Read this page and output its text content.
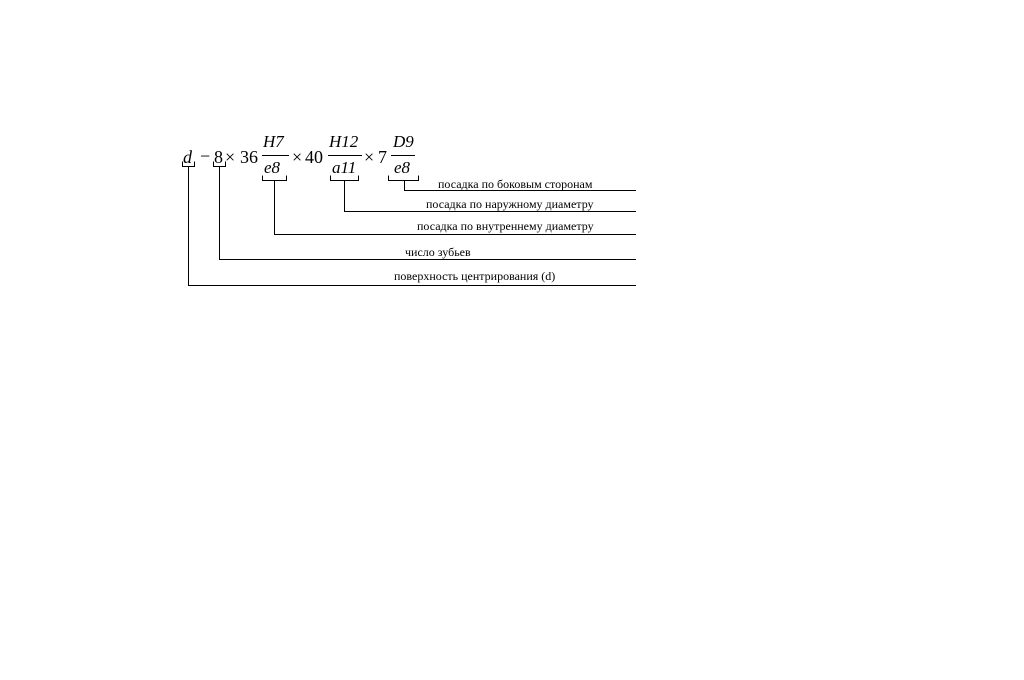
d − 8 × 36
H7
e8
× 40
H12
a11
× 7
D9
e8
посадка по боковым сторонам
посадка по наружному диаметру
посадка по внутреннему диаметру
число зубьев
поверхность центрирования (d)
